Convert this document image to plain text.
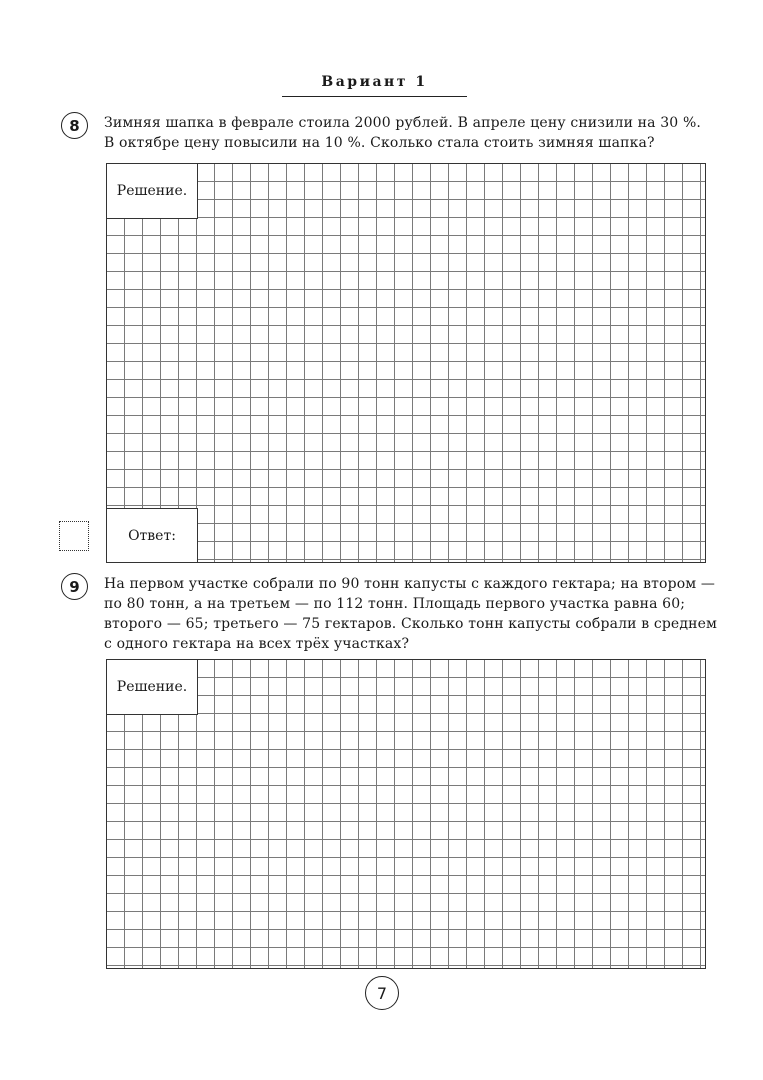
Вариант 1
8	Зимняя шапка в феврале стоила 2000 рублей. В апреле цену снизили на 30 %.
В октябре цену повысили на 10 %. Сколько стала стоить зимняя шапка?
Решение.
Ответ:
9	На первом участке собрали по 90 тонн капусты с каждого гектара; на втором —
по 80 тонн, а на третьем — по 112 тонн. Площадь первого участка равна 60;
второго — 65; третьего — 75 гектаров. Сколько тонн капусты собрали в среднем
с одного гектара на всех трёх участках?
Решение.
7
